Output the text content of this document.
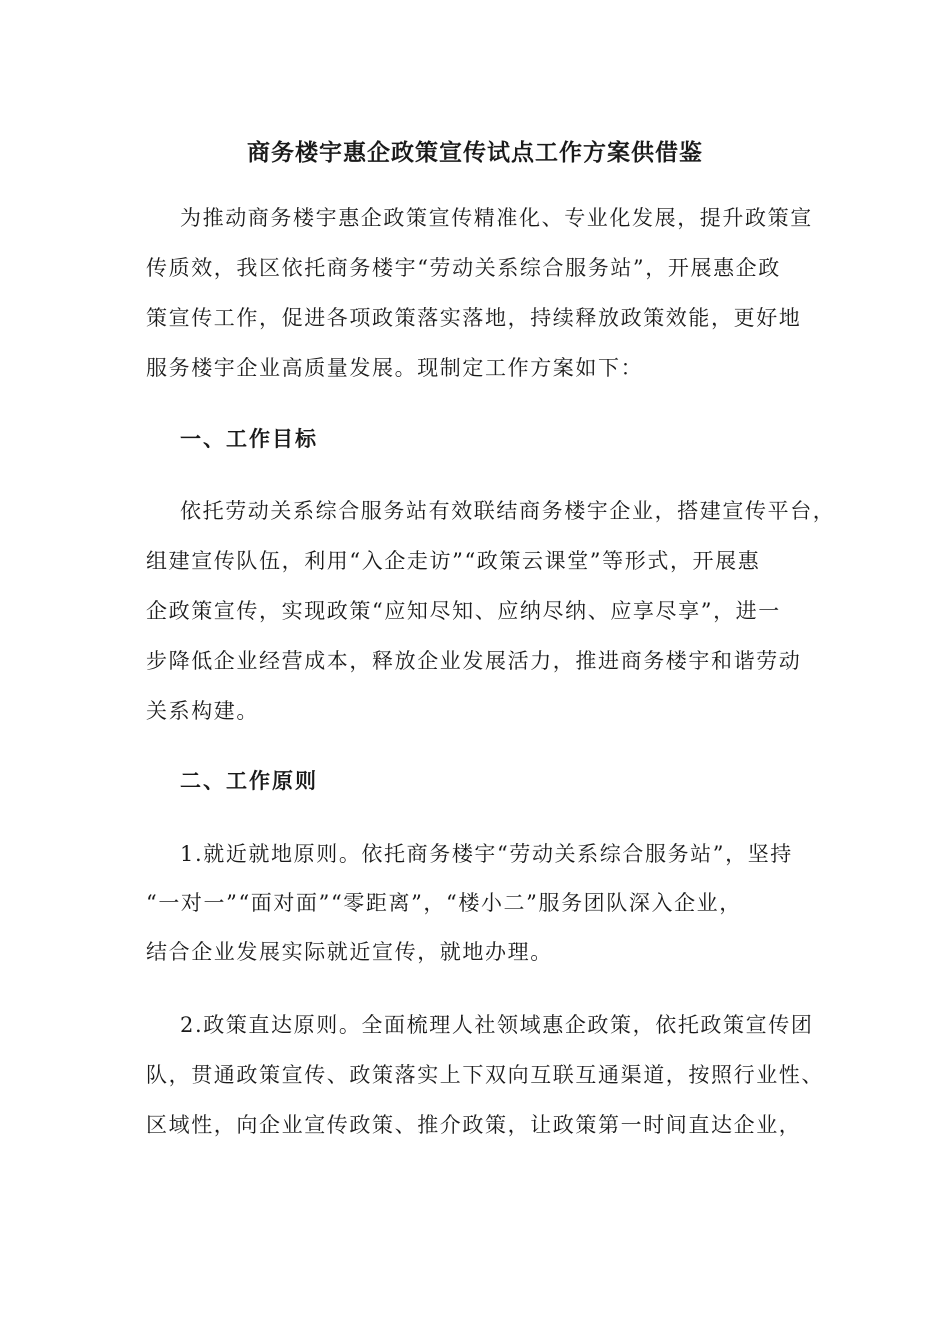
商务楼宇惠企政策宣传试点工作方案供借鉴
为推动商务楼宇惠企政策宣传精准化、专业化发展，提升政策宣
传质效，我区依托商务楼宇“劳动关系综合服务站”，开展惠企政
策宣传工作，促进各项政策落实落地，持续释放政策效能，更好地
服务楼宇企业高质量发展。现制定工作方案如下：
一、工作目标
依托劳动关系综合服务站有效联结商务楼宇企业，搭建宣传平台，
组建宣传队伍，利用“入企走访”“政策云课堂”等形式，开展惠
企政策宣传，实现政策“应知尽知、应纳尽纳、应享尽享”，进一
步降低企业经营成本，释放企业发展活力，推进商务楼宇和谐劳动
关系构建。
二、工作原则
1.就近就地原则。依托商务楼宇“劳动关系综合服务站”，坚持
“一对一”“面对面”“零距离”，“楼小二”服务团队深入企业，
结合企业发展实际就近宣传，就地办理。
2.政策直达原则。全面梳理人社领域惠企政策，依托政策宣传团
队，贯通政策宣传、政策落实上下双向互联互通渠道，按照行业性、
区域性，向企业宣传政策、推介政策，让政策第一时间直达企业，
